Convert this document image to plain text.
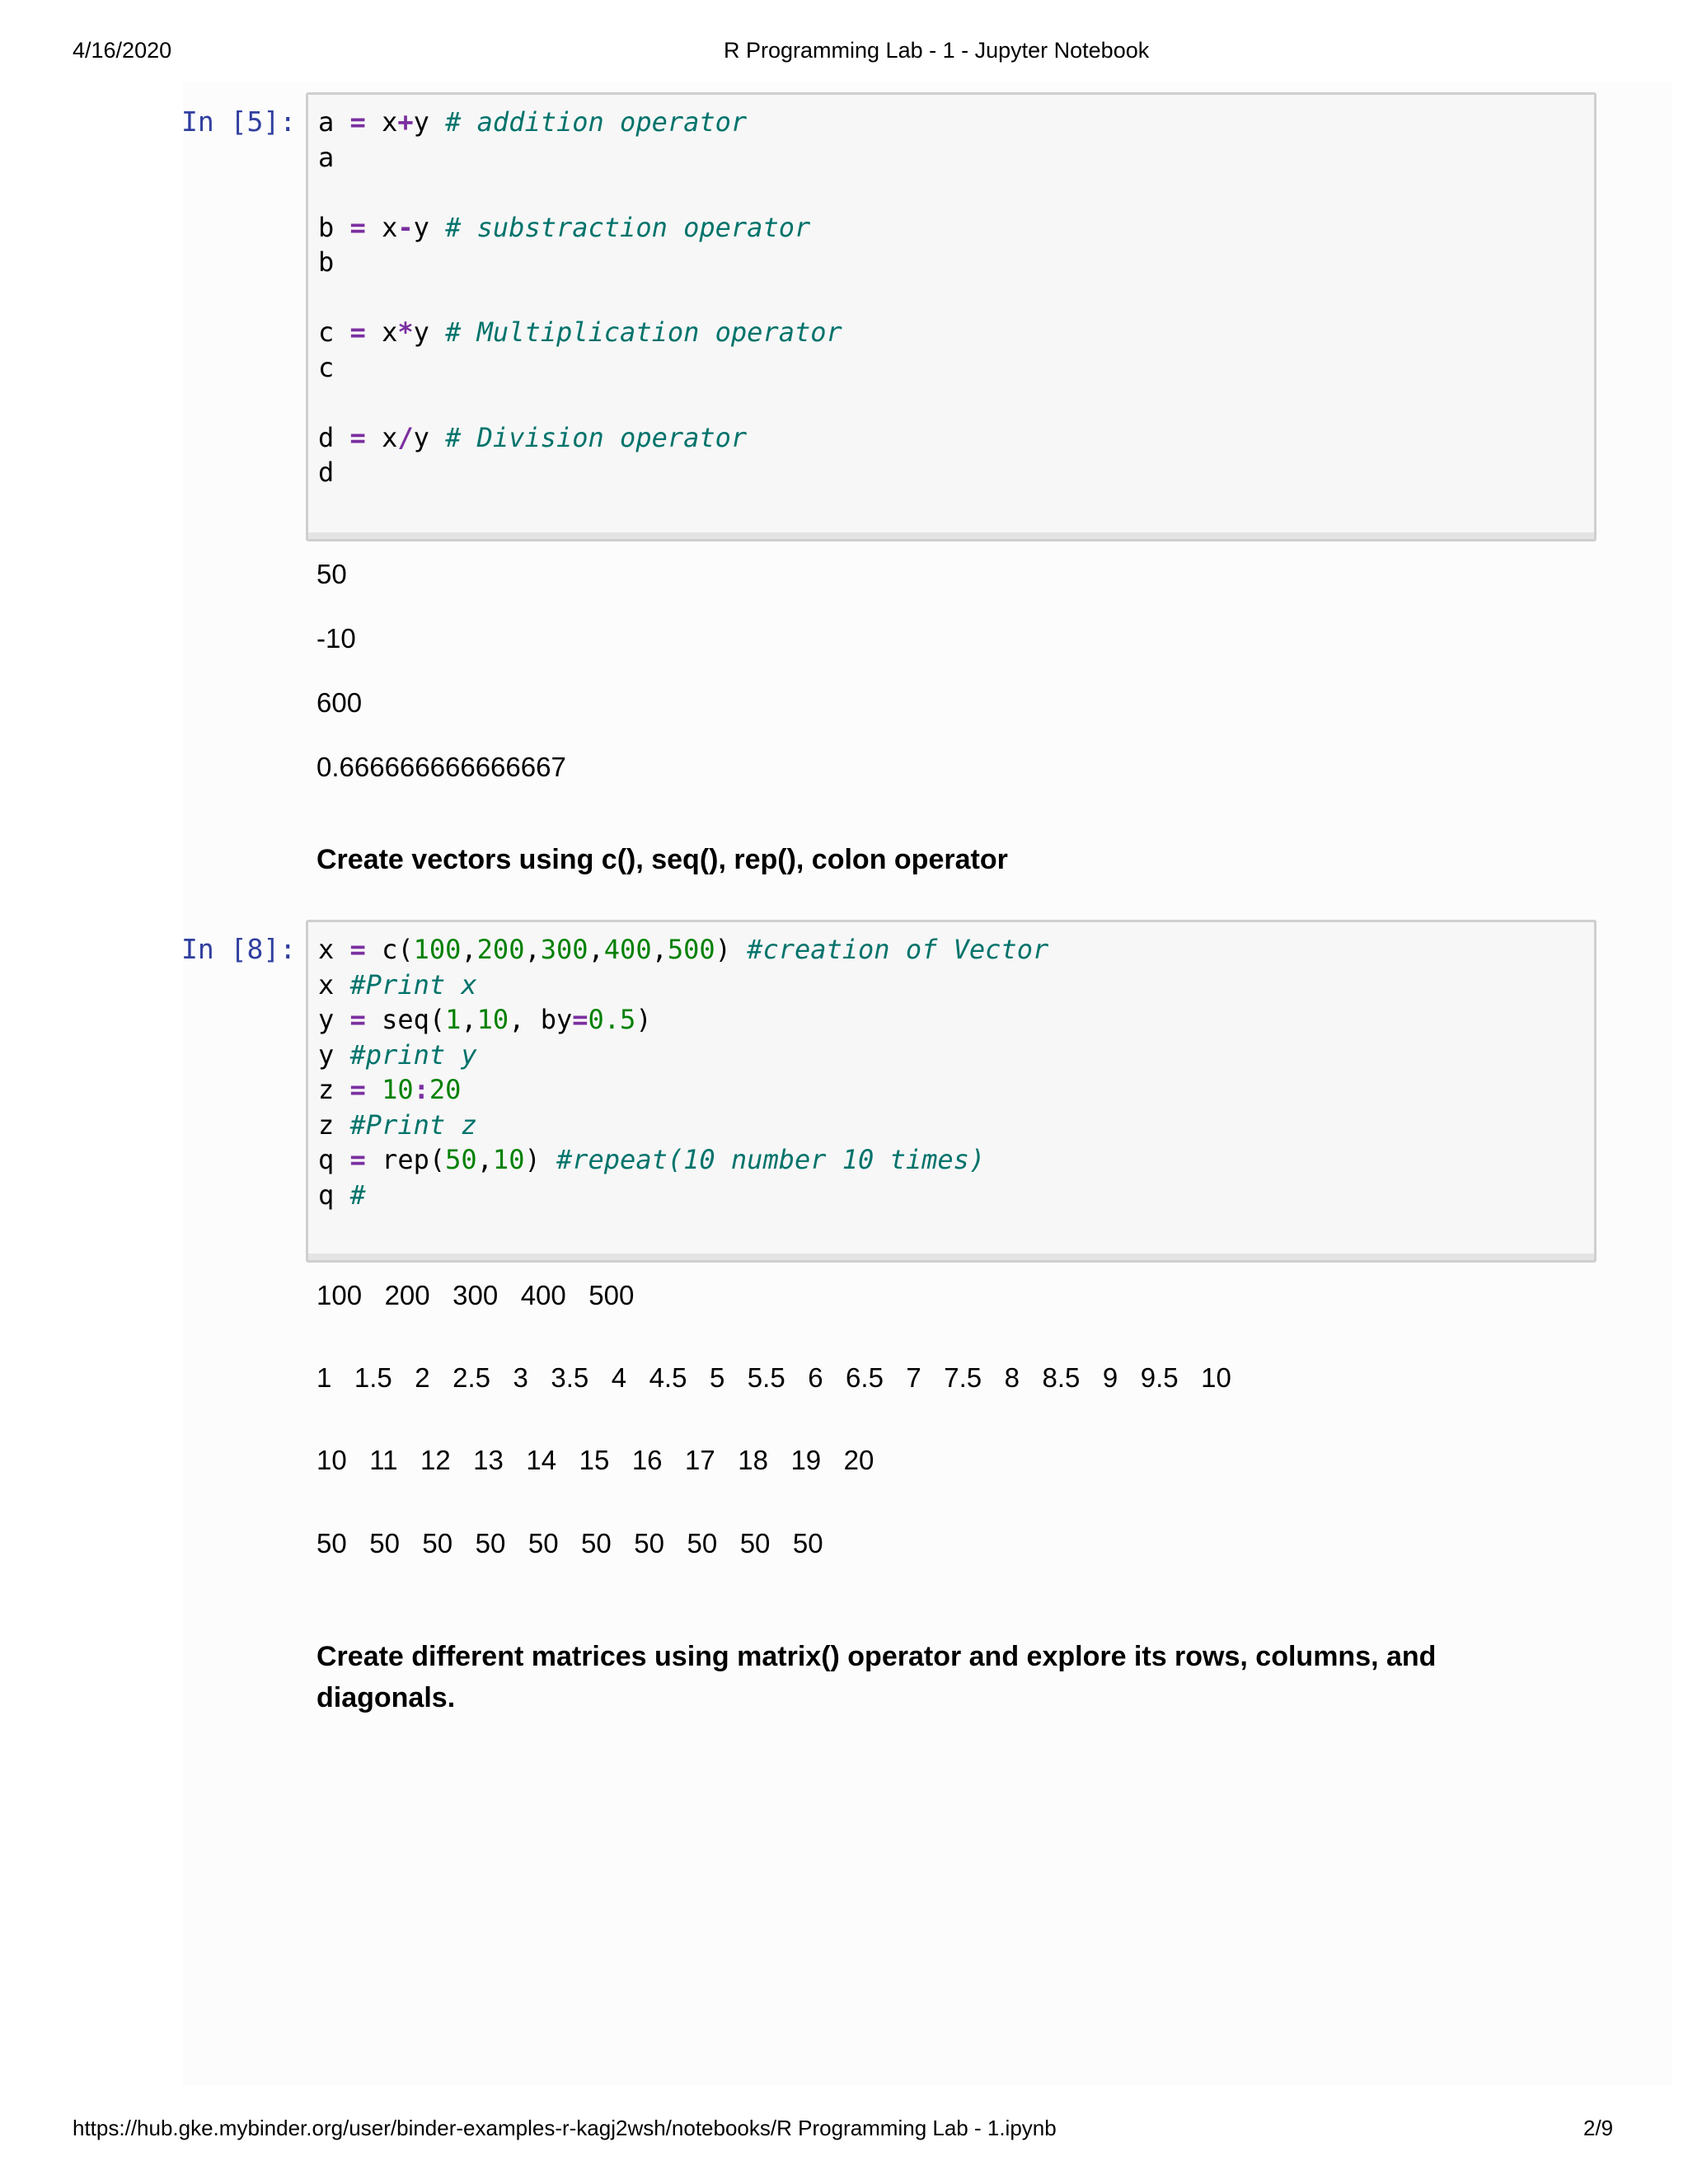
4/16/2020	R Programming Lab - 1 - Jupyter Notebook
In [5]: a = x+y # addition operator
a

b = x-y # substraction operator
b

c = x*y # Multiplication operator
c

d = x/y # Division operator
d
50
-10
600
0.666666666666667
Create vectors using c(), seq(), rep(), colon operator
In [8]: x = c(100,200,300,400,500) #creation of Vector
x #Print x
y = seq(1,10, by=0.5)
y #print y
z = 10:20
z #Print z
q = rep(50,10) #repeat(10 number 10 times)
q #
100   200   300   400   500
1   1.5   2   2.5   3   3.5   4   4.5   5   5.5   6   6.5   7   7.5   8   8.5   9   9.5   10
10   11   12   13   14   15   16   17   18   19   20
50   50   50   50   50   50   50   50   50   50
Create different matrices using matrix() operator and explore its rows, columns, and diagonals.
https://hub.gke.mybinder.org/user/binder-examples-r-kagj2wsh/notebooks/R Programming Lab - 1.ipynb	2/9
